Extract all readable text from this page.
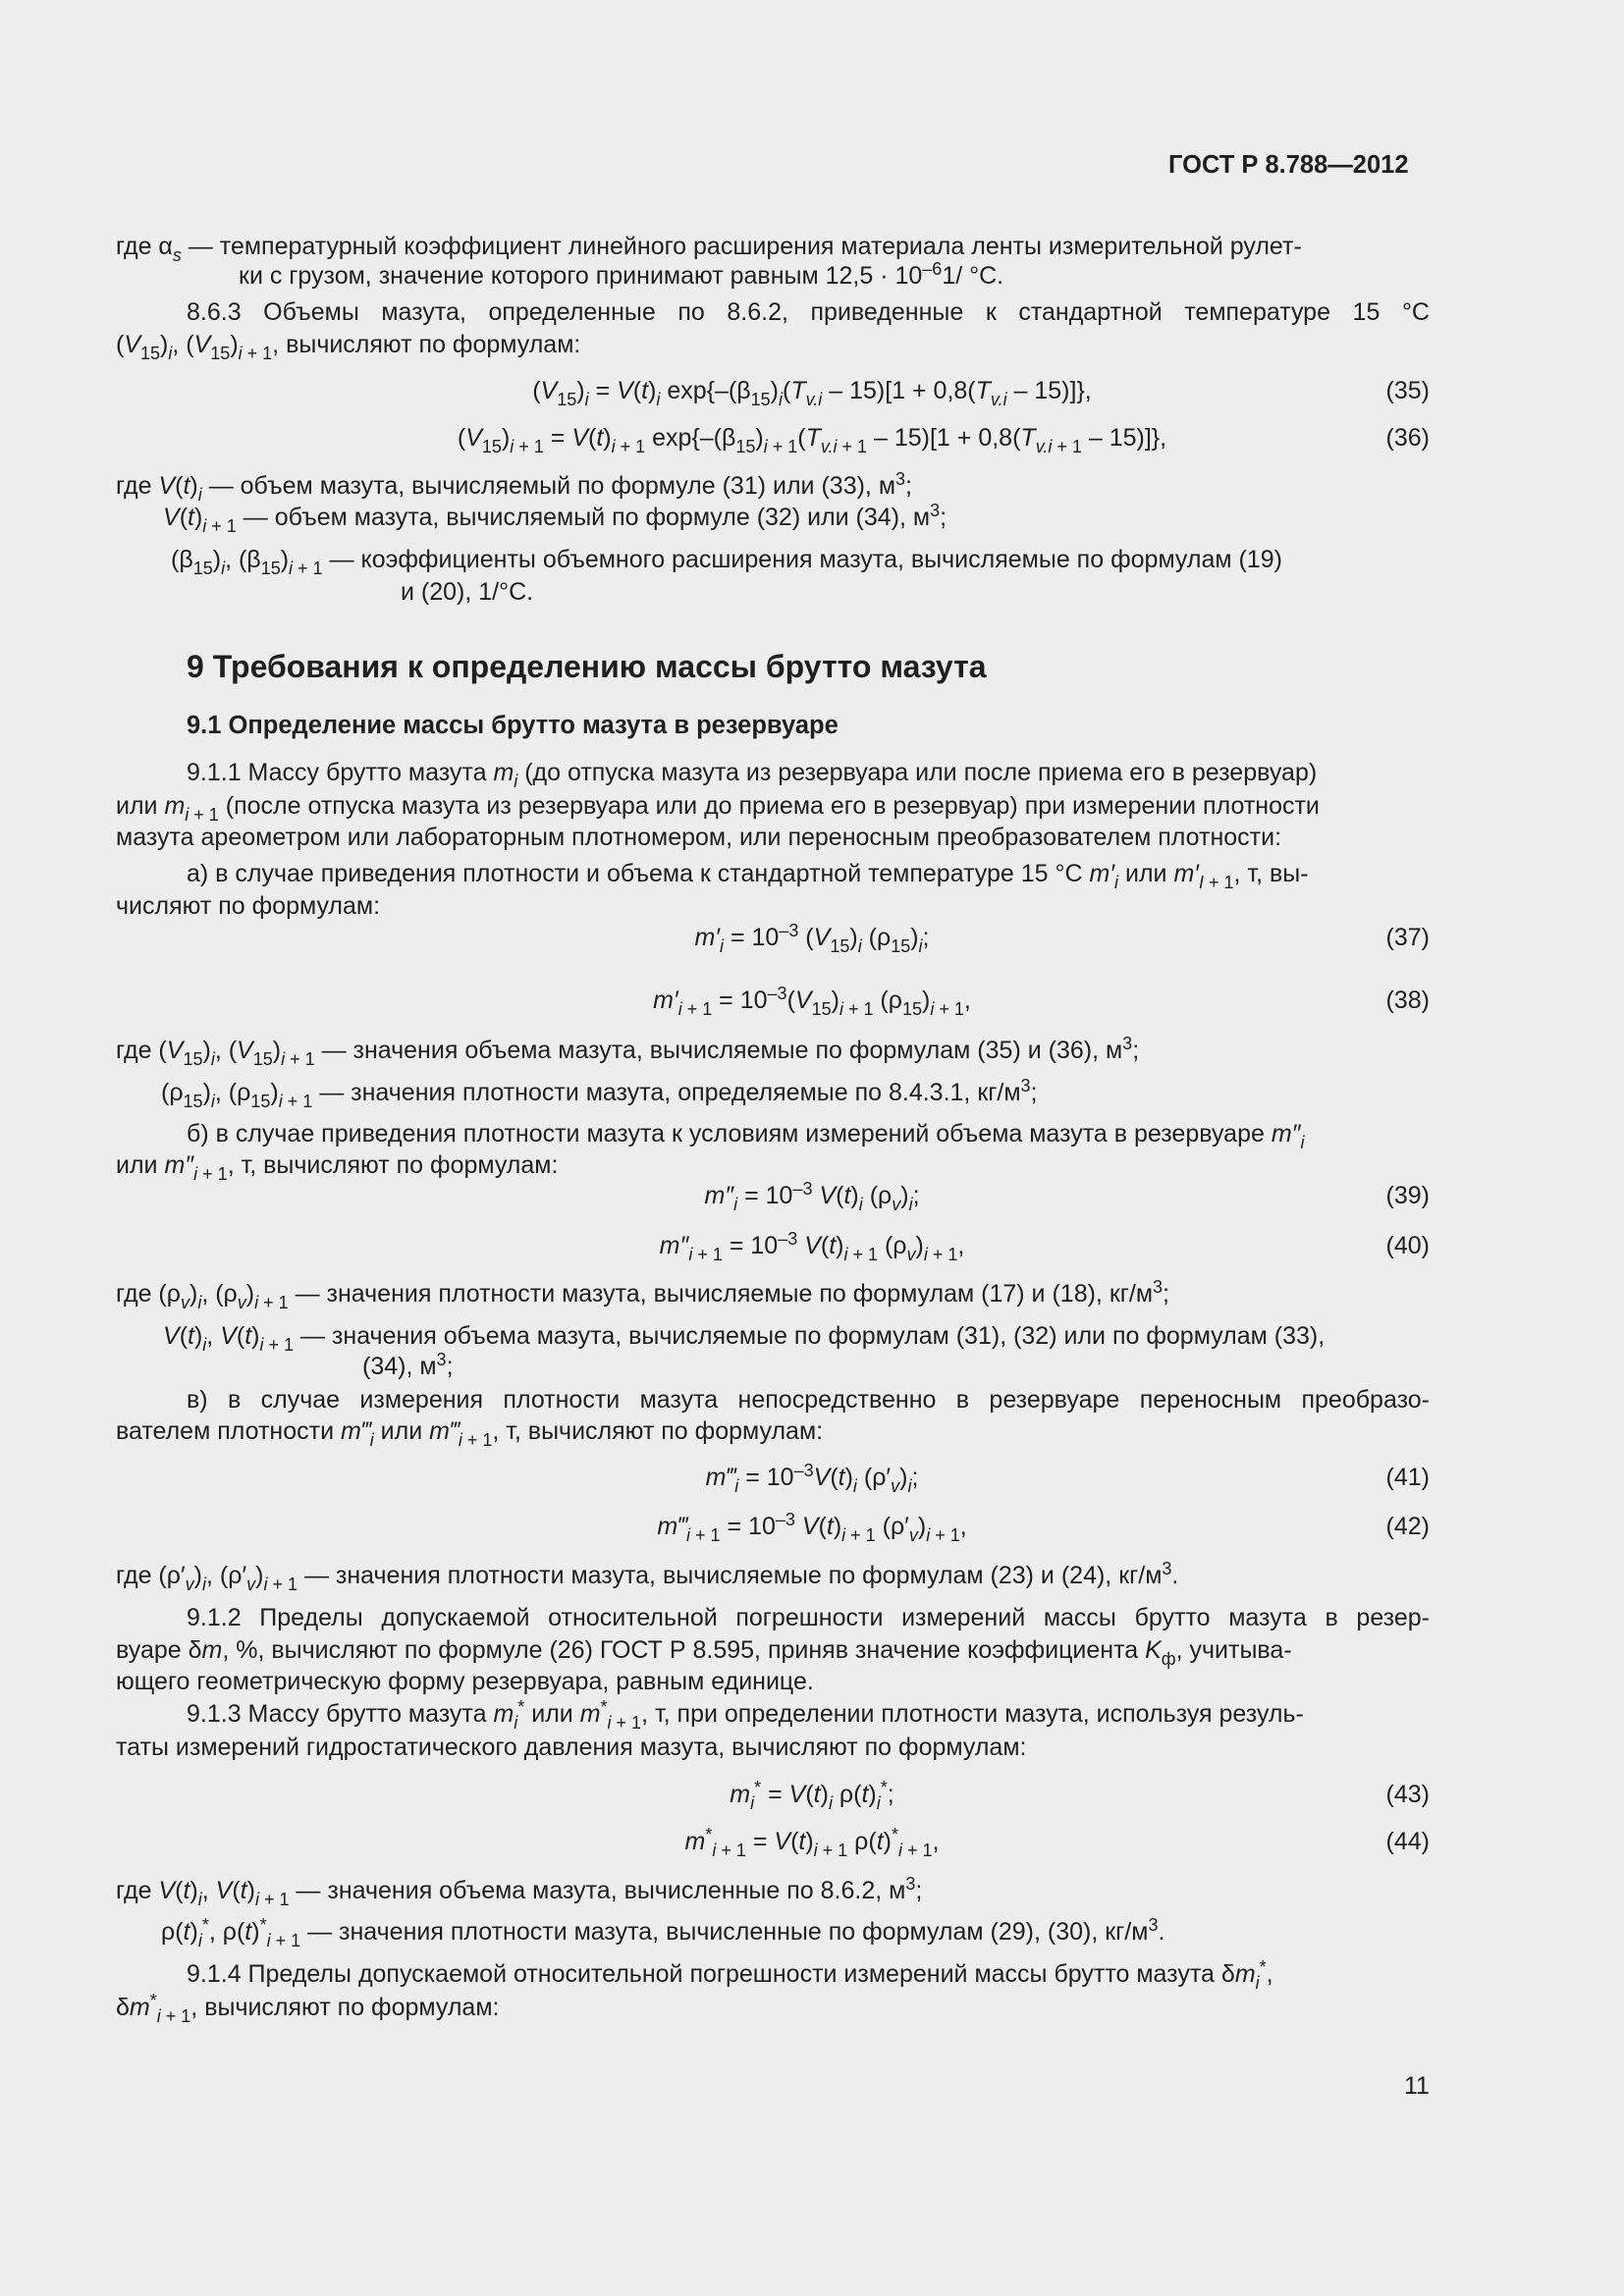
ГОСТ Р 8.788—2012
где $\alpha_s$ — температурный коэффициент линейного расширения материала ленты измерительной рулет-
ки с грузом, значение которого принимают равным $12,5 \cdot 10^{-6}1/$ °С.
8.6.3 Объемы мазута, определенные по 8.6.2, приведенные к стандартной температуре 15 °С
$(V_{15})_i$, $(V_{15})_{i + 1}$, вычисляют по формулам:
$(V_{15})_i = V(t)_i$ $\exp\{-(\beta_{15})_i(T_{v.i} - 15)[1 + 0,8(T_{v.i} - 15)]\}$,	(35)
$(V_{15})_{i + 1} = V(t)_{i + 1}$ $\exp\{-(\beta_{15})_{i + 1}(T_{v.i + 1} - 15)[1 + 0,8(T_{v.i + 1} - 15)]\}$,	(36)
где $V(t)_i$ — объем мазута, вычисляемый по формуле (31) или (33), $м^3$;
$V(t)_{i + 1}$ — объем мазута, вычисляемый по формуле (32) или (34), $м^3$;
$(\beta_{15})_i$, $(\beta_{15})_{i + 1}$ — коэффициенты объемного расширения мазута, вычисляемые по формулам (19)
и (20), 1/°С.
9 Требования к определению массы брутто мазута
9.1 Определение массы брутто мазута в резервуаре
9.1.1 Массу брутто мазута $m_i$ (до отпуска мазута из резервуара или после приема его в резервуар)
или $m_{i + 1}$ (после отпуска мазута из резервуара или до приема его в резервуар) при измерении плотности
мазута ареометром или лабораторным плотномером, или переносным преобразователем плотности:
а) в случае приведения плотности и объема к стандартной температуре 15 °С $m'_i$ или $m'_{I + 1}$, т, вы-
числяют по формулам:
$m'_i = 10^{-3}$ $(V_{15})_i$ $(\rho_{15})_i$;	(37)
$m'_{i + 1} = 10^{-3}(V_{15})_{i + 1}$ $(\rho_{15})_{i + 1}$,	(38)
где $(V_{15})_i$, $(V_{15})_{i + 1}$ — значения объема мазута, вычисляемые по формулам (35) и (36), $м^3$;
$(\rho_{15})_i$, $(\rho_{15})_{i + 1}$ — значения плотности мазута, определяемые по 8.4.3.1, $кг/м^3$;
б) в случае приведения плотности мазута к условиям измерений объема мазута в резервуаре $m''_i$
или $m''_{i + 1}$, т, вычисляют по формулам:
$m''_i = 10^{-3}$ $V(t)_i$ $(\rho_v)_i$;	(39)
$m''_{i + 1} = 10^{-3}$ $V(t)_{i + 1}$ $(\rho_v)_{i + 1}$,	(40)
где $(\rho_v)_i$, $(\rho_v)_{i + 1}$ — значения плотности мазута, вычисляемые по формулам (17) и (18), $кг/м^3$;
$V(t)_i$, $V(t)_{i + 1}$ — значения объема мазута, вычисляемые по формулам (31), (32) или по формулам (33),
(34), $м^3$;
в) в случае измерения плотности мазута непосредственно в резервуаре переносным преобразо-
вателем плотности $m‴_i$ или $m‴_{i + 1}$, т, вычисляют по формулам:
$m‴_i = 10^{-3}V(t)_i$ $(\rho'_v)_i$;	(41)
$m‴_{i + 1} = 10^{-3}$ $V(t)_{i + 1}$ $(\rho'_v)_{i + 1}$,	(42)
где $(\rho'_v)_i$, $(\rho'_v)_{i + 1}$ — значения плотности мазута, вычисляемые по формулам (23) и (24), $кг/м^3$.
9.1.2 Пределы допускаемой относительной погрешности измерений массы брутто мазута в резер-
вуаре δm, %, вычисляют по формуле (26) ГОСТ Р 8.595, приняв значение коэффициента $K_ф$, учитыва-
ющего геометрическую форму резервуара, равным единице.
9.1.3 Массу брутто мазута $m_i^*$ или $m^*_{i + 1}$, т, при определении плотности мазута, используя резуль-
таты измерений гидростатического давления мазута, вычисляют по формулам:
$m_i^* = V(t)_i$ $\rho(t)_i^*$;	(43)
$m^*_{i + 1} = V(t)_{i + 1}$ $\rho(t)^*_{i + 1}$,	(44)
где $V(t)_i$, $V(t)_{i + 1}$ — значения объема мазута, вычисленные по 8.6.2, $м^3$;
$\rho(t)_i^*$, $\rho(t)^*_{i + 1}$ — значения плотности мазута, вычисленные по формулам (29), (30), $кг/м^3$.
9.1.4 Пределы допускаемой относительной погрешности измерений массы брутто мазута $\delta m_i^*$,
$\delta m^*_{i + 1}$, вычисляют по формулам:
11
